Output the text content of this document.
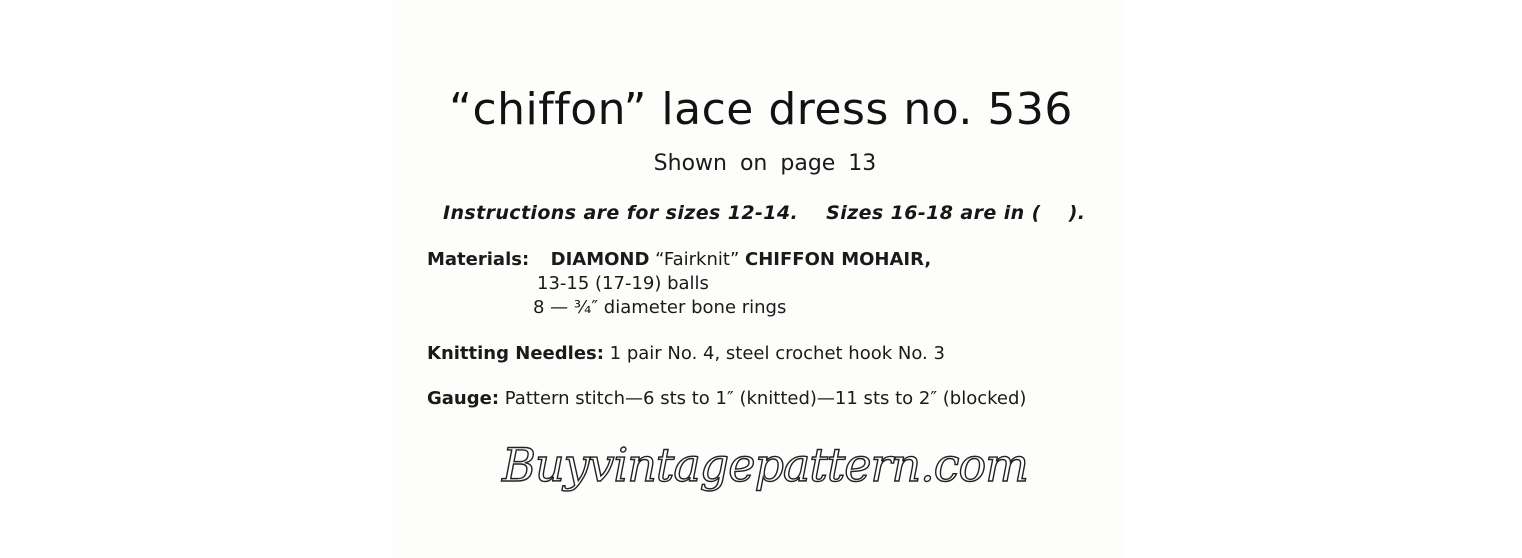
“chiffon” lace dress no. 536
Shown on page 13
Instructions are for sizes 12-14.    Sizes 16-18 are in (    ).
Materials: DIAMOND “Fairknit” CHIFFON MOHAIR,
13-15 (17-19) balls
8 — ¾″ diameter bone rings
Knitting Needles: 1 pair No. 4, steel crochet hook No. 3
Gauge: Pattern stitch—6 sts to 1″ (knitted)—11 sts to 2″ (blocked)
Buyvintagepattern.com
